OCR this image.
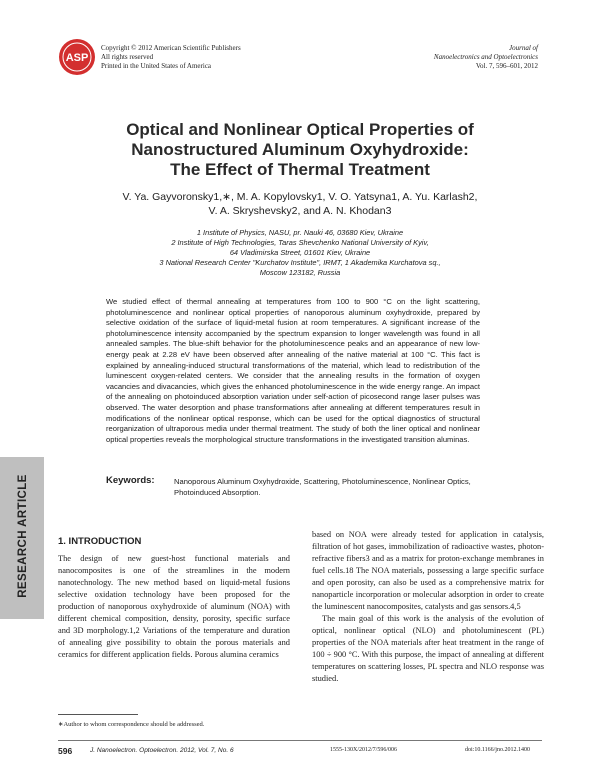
ASP
Copyright © 2012 American Scientific Publishers
All rights reserved
Printed in the United States of America
Journal of
Nanoelectronics and Optoelectronics
Vol. 7, 596–601, 2012
Optical and Nonlinear Optical Properties of
Nanostructured Aluminum Oxyhydroxide:
The Effect of Thermal Treatment
V. Ya. Gayvoronsky1,∗, M. A. Kopylovsky1, V. O. Yatsyna1, A. Yu. Karlash2,
V. A. Skryshevsky2, and A. N. Khodan3

1 Institute of Physics, NASU, pr. Nauki 46, 03680 Kiev, Ukraine

2 Institute of High Technologies, Taras Shevchenko National University of Kyiv,

64 Vladimirska Street, 01601 Kiev, Ukraine

3 National Research Center "Kurchatov Institute", IRMT, 1 Akademika Kurchatova sq.,

Moscow 123182, Russia

We studied effect of thermal annealing at temperatures from 100 to 900 °C on the light scattering, photoluminescence and nonlinear optical properties of nanoporous aluminum oxyhydroxide, prepared by selective oxidation of the surface of liquid-metal fusion at room temperatures. A significant increase of the photoluminescence intensity accompanied by the spectrum expansion to longer wavelength was found in all annealed samples. The blue-shift behavior for the photoluminescence peaks and an appearance of new low-energy peak at 2.28 eV have been observed after annealing of the native material at 100 °C. This fact is explained by annealing-induced structural transformations of the material, which lead to redistribution of the luminescent oxygen-related centers. We consider that the annealing results in the formation of oxygen vacancies and divacancies, which gives the enhanced photoluminescence in the wide energy range. An impact of the annealing on photoinduced absorption variation under self-action of picosecond range laser pulses was observed. The water desorption and phase transformations after annealing at different temperatures result in modifications of the nonlinear optical response, which can be used for the optical diagnostics of structural reorganization of ultraporous media under thermal treatment. The study of both the liner optical and nonlinear optical properties reveals the morphological structure transformations in the investigated transition aluminas.
Keywords:	Nanoporous Aluminum Oxyhydroxide, Scattering, Photoluminescence, Nonlinear Optics, Photoinduced Absorption.
RESEARCH ARTICLE	1. INTRODUCTION

The design of new guest-host functional materials and nanocomposites is one of the streamlines in the modern nanotechnology. The new method based on liquid-metal fusions selective oxidation technology have been proposed for the production of nanoporous oxyhydroxide of aluminum (NOA) with different chemical composition, density, porosity, specific surface and 3D morphology.1,2 Variations of the temperature and duration of annealing give possibility to obtain the porous materials and ceramics for different application fields. Porous alumina ceramics

based on NOA were already tested for application in catalysis, filtration of hot gases, immobilization of radioactive wastes, photon-refractive fibers3 and as a matrix for proton-exchange membranes in fuel cells.18 The NOA materials, possessing a large specific surface and open porosity, can also be used as a comprehensive matrix for nanoparticle incorporation or molecular adsorption in order to create the luminescent nanocomposites, catalysts and gas sensors.4,5

The main goal of this work is the analysis of the evolution of optical, nonlinear optical (NLO) and photoluminescent (PL) properties of the NOA materials after heat treatment in the range of 100 ÷ 900 °C. With this purpose, the impact of annealing at different temperatures on scattering losses, PL spectra and NLO response was studied.

∗Author to whom correspondence should be addressed.
596	J. Nanoelectron. Optoelectron. 2012, Vol. 7, No. 6	1555-130X/2012/7/596/006	doi:10.1166/jno.2012.1400
